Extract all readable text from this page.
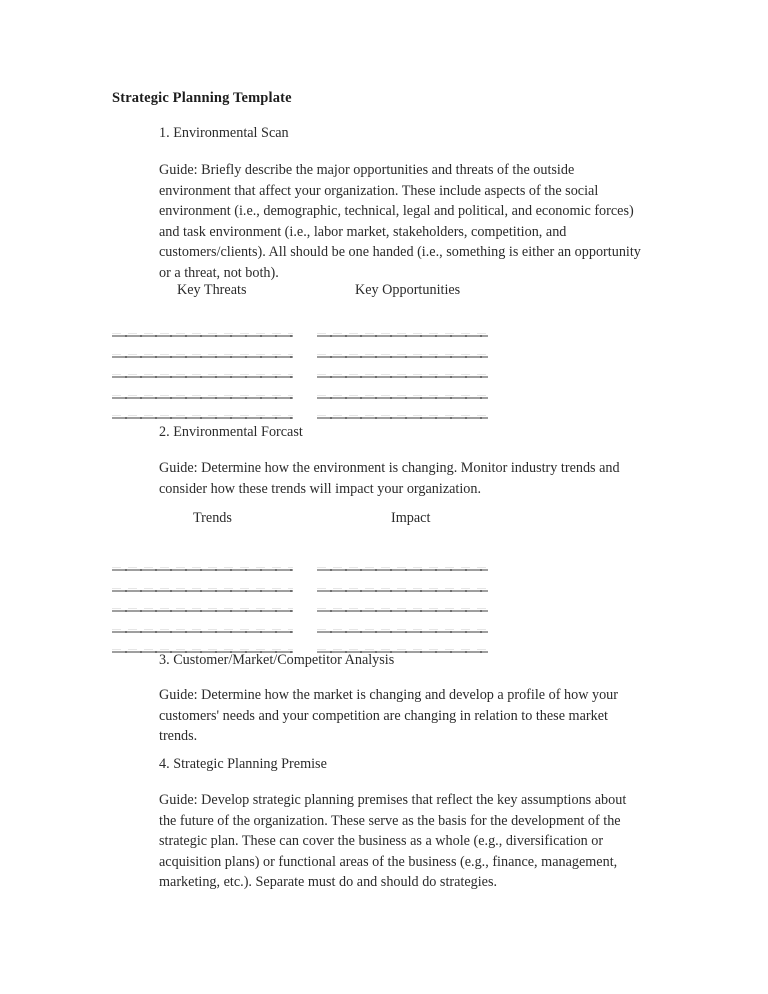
Strategic Planning Template
1. Environmental Scan
Guide: Briefly describe the major opportunities and threats of the outside environment that affect your organization. These include aspects of the social environment (i.e., demographic, technical, legal and political, and economic forces) and task environment (i.e., labor market, stakeholders, competition, and customers/clients). All should be one handed (i.e., something is either an opportunity or a threat, not both).
Key Threats	Key Opportunities
2. Environmental Forcast
Guide: Determine how the environment is changing. Monitor industry trends and consider how these trends will impact your organization.
Trends	Impact
3. Customer/Market/Competitor Analysis
Guide: Determine how the market is changing and develop a profile of how your customers' needs and your competition are changing in relation to these market trends.
4. Strategic Planning Premise
Guide: Develop strategic planning premises that reflect the key assumptions about the future of the organization. These serve as the basis for the development of the strategic plan. These can cover the business as a whole (e.g., diversification or acquisition plans) or functional areas of the business (e.g., finance, management, marketing, etc.). Separate must do and should do strategies.
